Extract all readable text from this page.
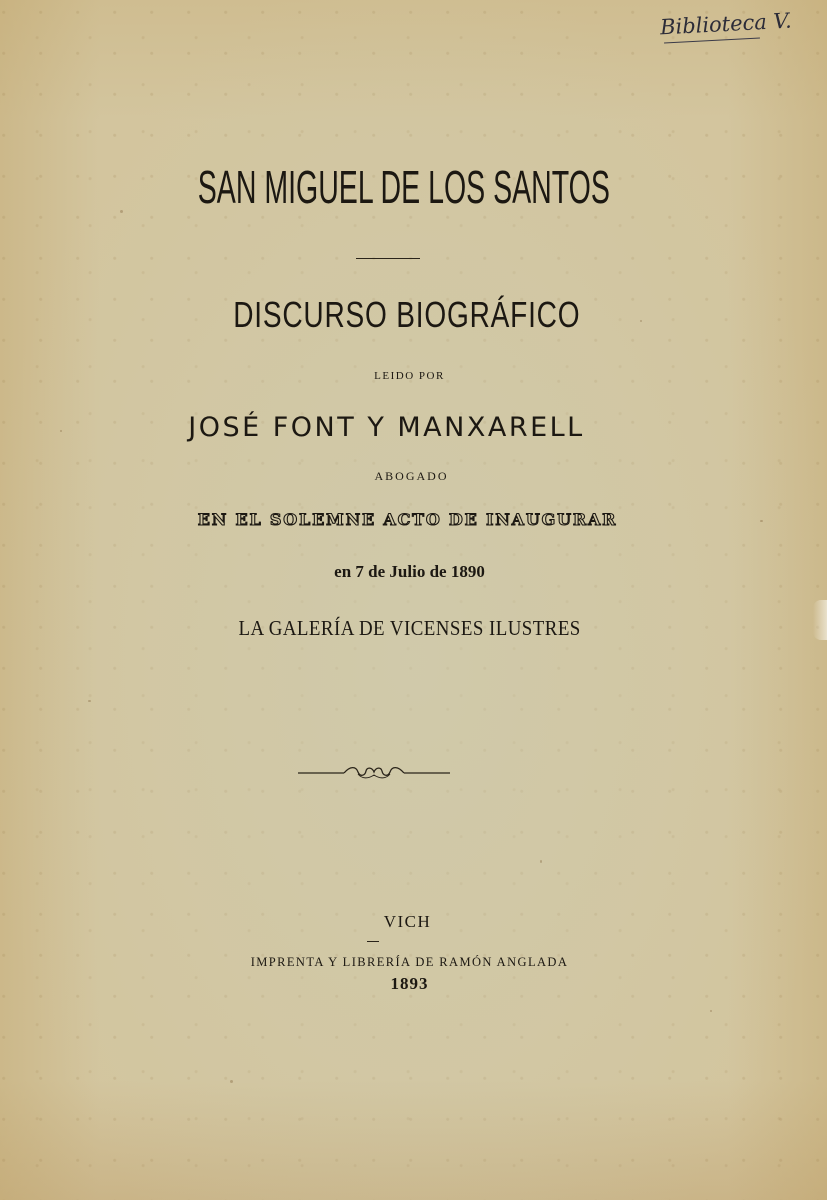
Biblioteca V.
SAN MIGUEL DE LOS SANTOS
DISCURSO BIOGRÁFICO
LEIDO POR
JOSÉ FONT Y MANXARELL
ABOGADO
EN EL SOLEMNE ACTO DE INAUGURAR
en 7 de Julio de 1890
LA GALERÍA DE VICENSES ILUSTRES
VICH
IMPRENTA Y LIBRERÍA DE RAMÓN ANGLADA
1893
